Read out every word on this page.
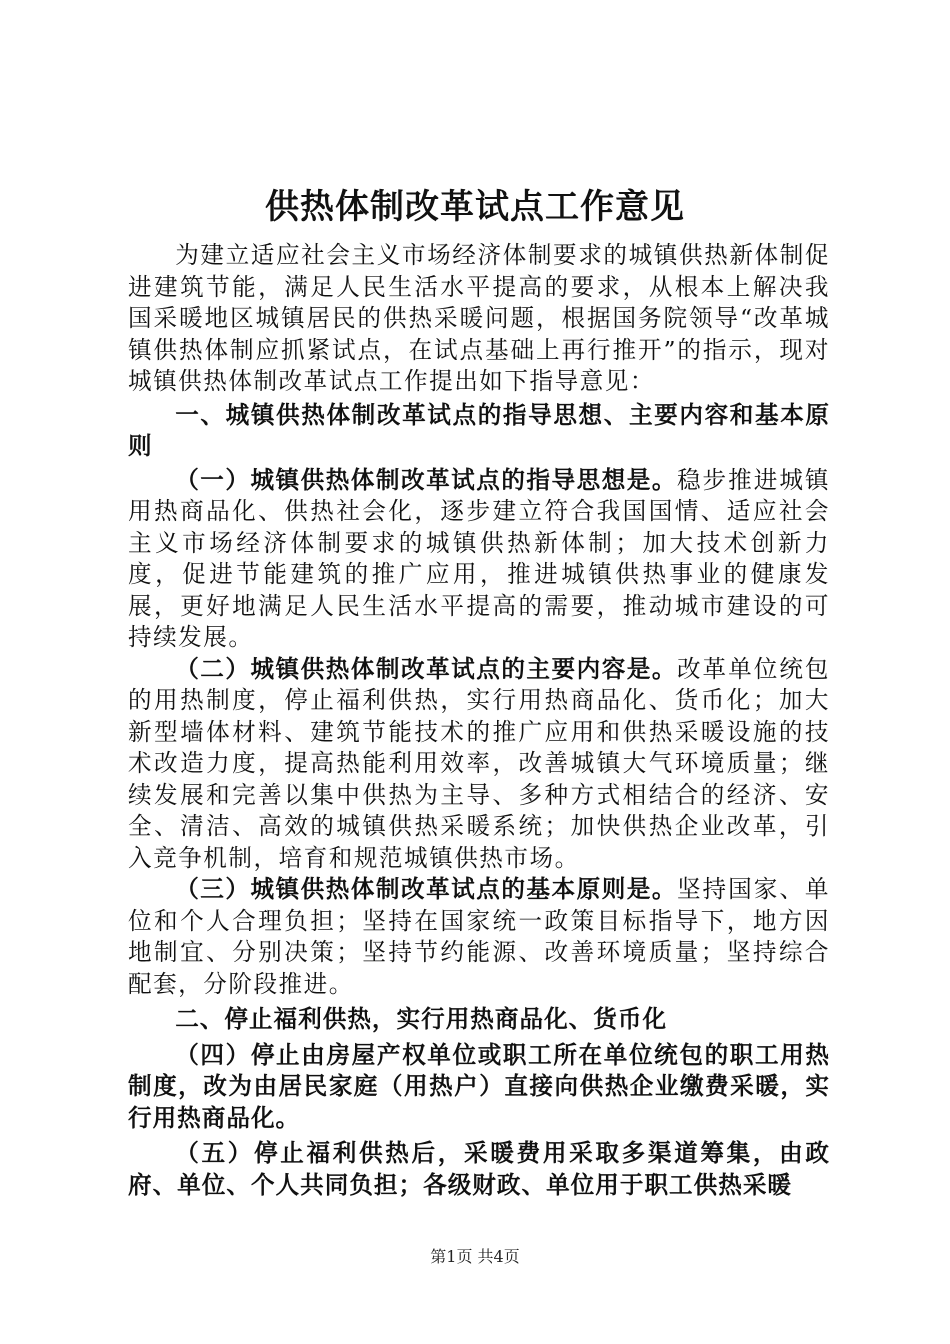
供热体制改革试点工作意见

为建立适应社会主义市场经济体制要求的城镇供热新体制促进建筑节能，满足人民生活水平提高的要求，从根本上解决我国采暖地区城镇居民的供热采暖问题，根据国务院领导“改革城镇供热体制应抓紧试点，在试点基础上再行推开”的指示，现对城镇供热体制改革试点工作提出如下指导意见：

一、城镇供热体制改革试点的指导思想、主要内容和基本原则

（一）城镇供热体制改革试点的指导思想是。稳步推进城镇用热商品化、供热社会化，逐步建立符合我国国情、适应社会主义市场经济体制要求的城镇供热新体制；加大技术创新力度，促进节能建筑的推广应用，推进城镇供热事业的健康发展，更好地满足人民生活水平提高的需要，推动城市建设的可持续发展。

（二）城镇供热体制改革试点的主要内容是。改革单位统包的用热制度，停止福利供热，实行用热商品化、货币化；加大新型墙体材料、建筑节能技术的推广应用和供热采暖设施的技术改造力度，提高热能利用效率，改善城镇大气环境质量；继续发展和完善以集中供热为主导、多种方式相结合的经济、安全、清洁、高效的城镇供热采暖系统；加快供热企业改革，引入竞争机制，培育和规范城镇供热市场。

（三）城镇供热体制改革试点的基本原则是。坚持国家、单位和个人合理负担；坚持在国家统一政策目标指导下，地方因地制宜、分别决策；坚持节约能源、改善环境质量；坚持综合配套，分阶段推进。

二、停止福利供热，实行用热商品化、货币化

（四）停止由房屋产权单位或职工所在单位统包的职工用热制度，改为由居民家庭（用热户）直接向供热企业缴费采暖，实行用热商品化。

（五）停止福利供热后，采暖费用采取多渠道筹集，由政府、单位、个人共同负担；各级财政、单位用于职工供热采暖

第1页 共4页
